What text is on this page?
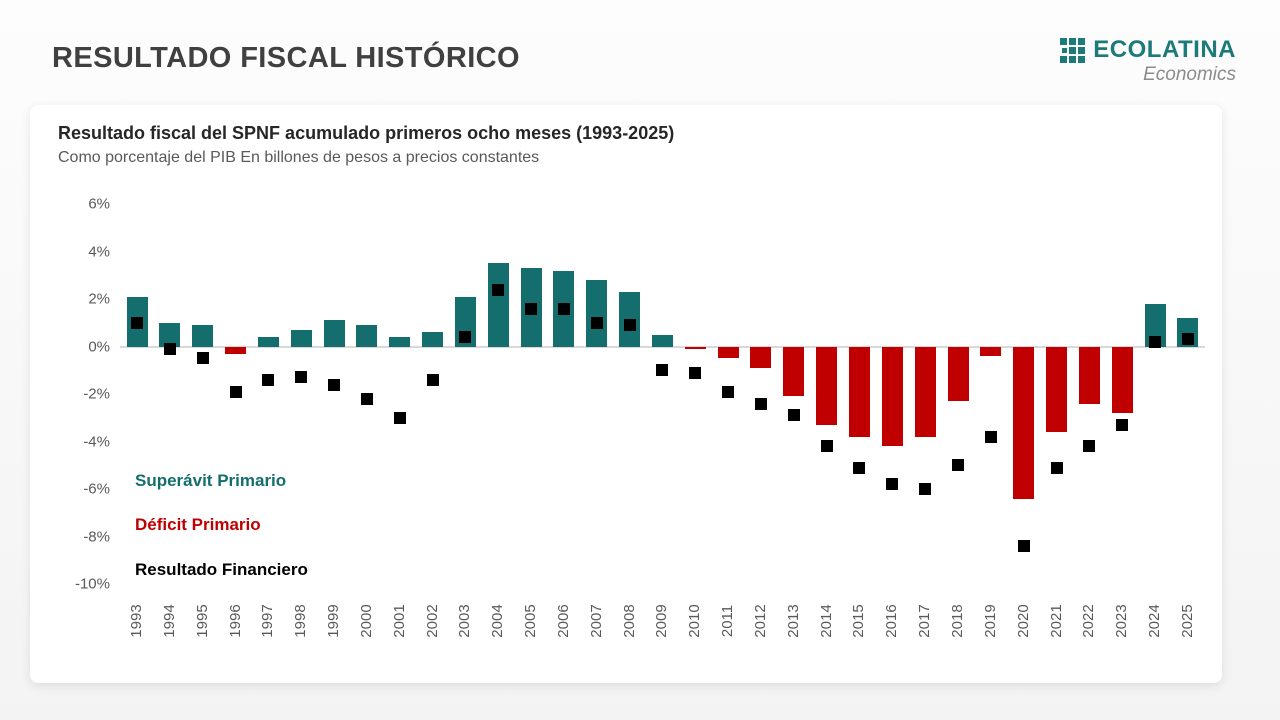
RESULTADO FISCAL HISTÓRICO	ECOLATINA
Economics
Resultado fiscal del SPNF acumulado primeros ocho meses (1993-2025)
Como porcentaje del PIB En billones de pesos a precios constantes
6%
4%
2%
0%
-2%
-4%
-6%
-8%
-10%
1993 1994 1995 1996 1997 1998 1999 2000 2001 2002 2003 2004 2005 2006 2007 2008 2009 2010 2011 2012 2013 2014 2015 2016 2017 2018 2019 2020 2021 2022 2023 2024 2025
Superávit Primario
Déficit Primario
Resultado Financiero
